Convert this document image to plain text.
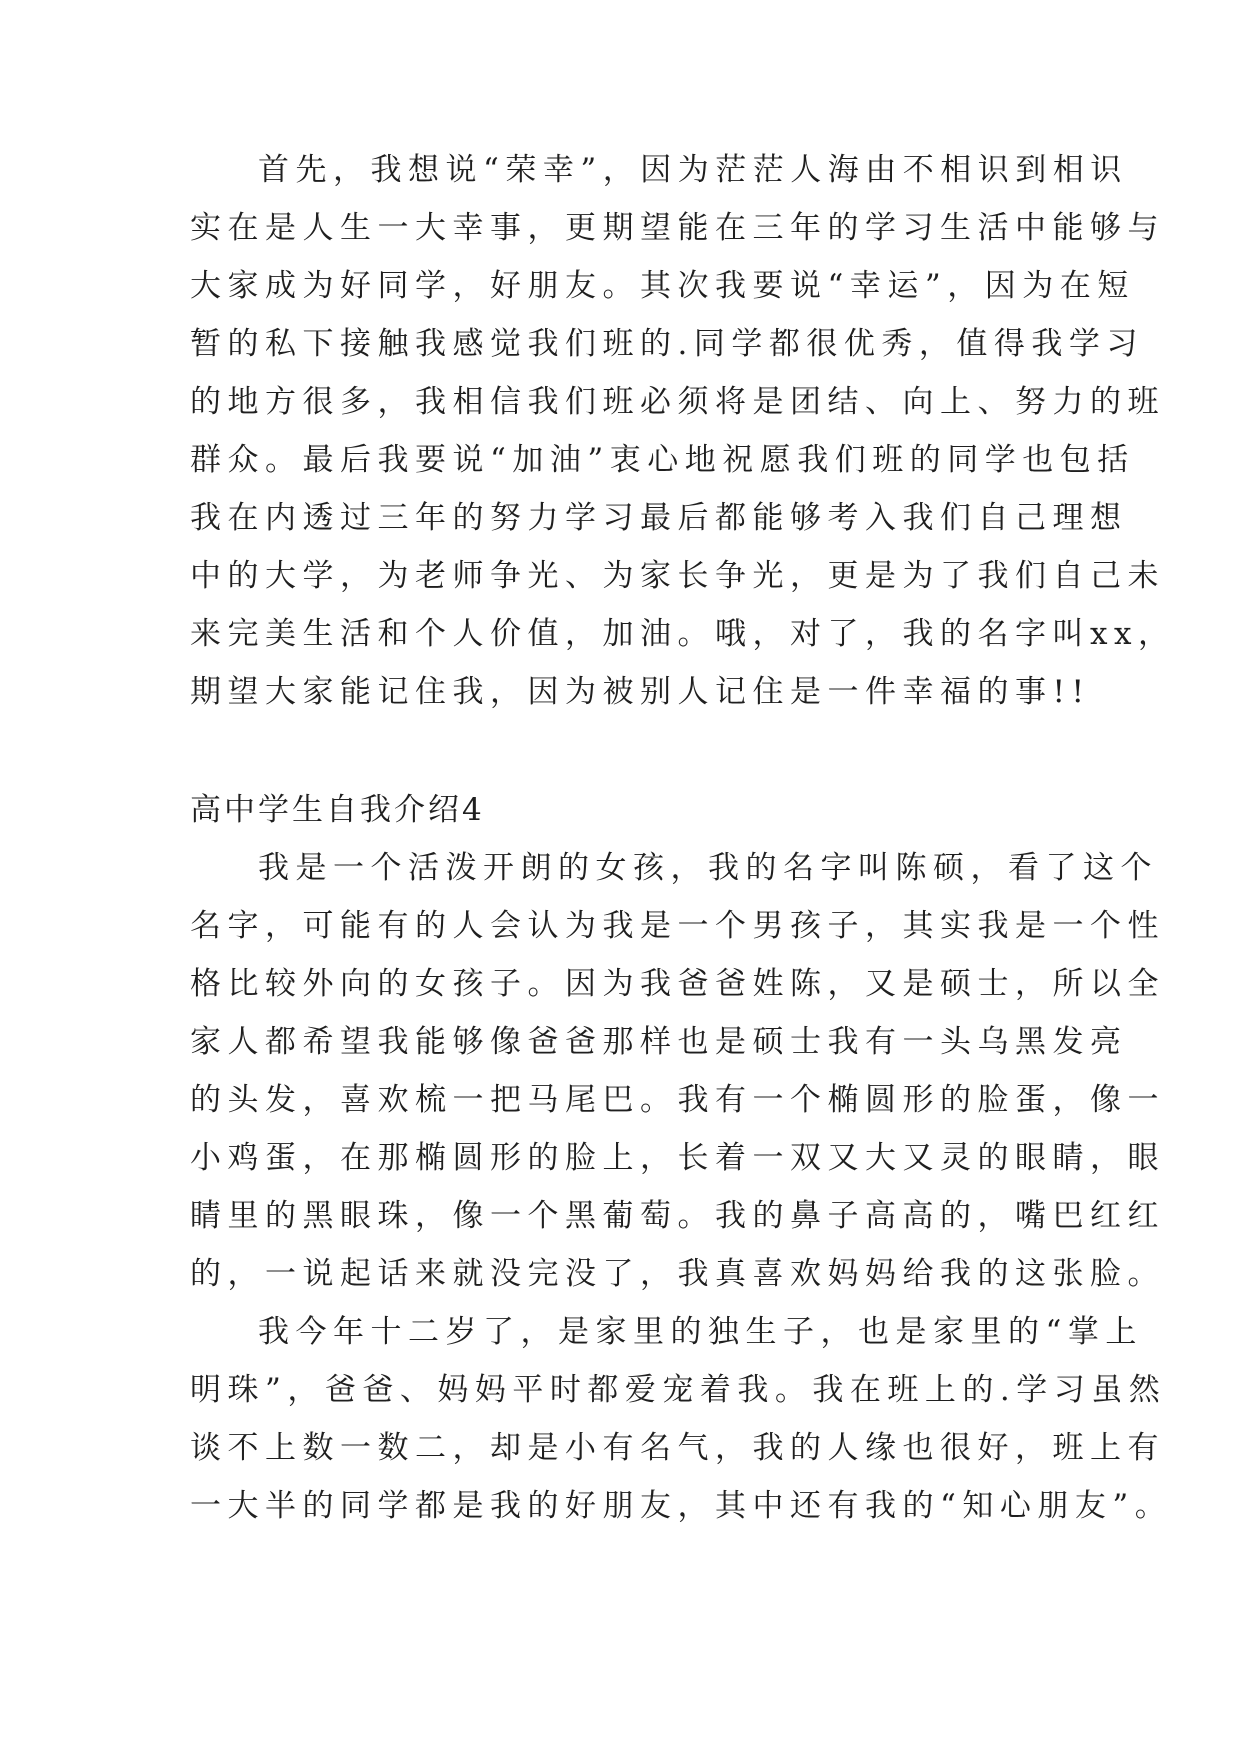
首先，我想说“荣幸”，因为茫茫人海由不相识到相识
实在是人生一大幸事，更期望能在三年的学习生活中能够与
大家成为好同学，好朋友。其次我要说“幸运”，因为在短
暂的私下接触我感觉我们班的.同学都很优秀，值得我学习
的地方很多，我相信我们班必须将是团结、向上、努力的班
群众。最后我要说“加油”衷心地祝愿我们班的同学也包括
我在内透过三年的努力学习最后都能够考入我们自己理想
中的大学，为老师争光、为家长争光，更是为了我们自己未
来完美生活和个人价值，加油。哦，对了，我的名字叫xx，
期望大家能记住我，因为被别人记住是一件幸福的事!!
高中学生自我介绍4
我是一个活泼开朗的女孩，我的名字叫陈硕，看了这个
名字，可能有的人会认为我是一个男孩子，其实我是一个性
格比较外向的女孩子。因为我爸爸姓陈，又是硕士，所以全
家人都希望我能够像爸爸那样也是硕士我有一头乌黑发亮
的头发，喜欢梳一把马尾巴。我有一个椭圆形的脸蛋，像一
小鸡蛋，在那椭圆形的脸上，长着一双又大又灵的眼睛，眼
睛里的黑眼珠，像一个黑葡萄。我的鼻子高高的，嘴巴红红
的，一说起话来就没完没了，我真喜欢妈妈给我的这张脸。
我今年十二岁了，是家里的独生子，也是家里的“掌上
明珠”，爸爸、妈妈平时都爱宠着我。我在班上的.学习虽然
谈不上数一数二，却是小有名气，我的人缘也很好，班上有
一大半的同学都是我的好朋友，其中还有我的“知心朋友”。
